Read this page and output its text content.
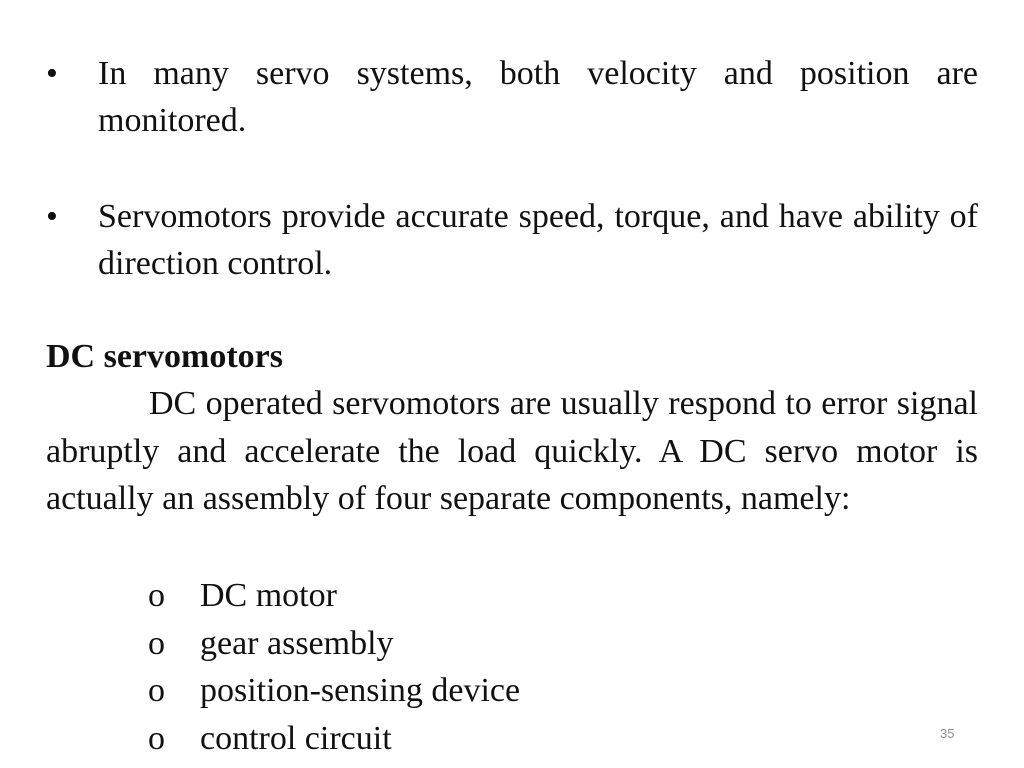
•	In many servo systems, both velocity and position are monitored.
•	Servomotors provide accurate speed, torque, and have ability of direction control.
DC servomotors
DC operated servomotors are usually respond to error signal abruptly and accelerate the load quickly. A DC servo motor is actually an assembly of four separate components, namely:
o DC motor
o gear assembly
o position-sensing device
o control circuit	35
